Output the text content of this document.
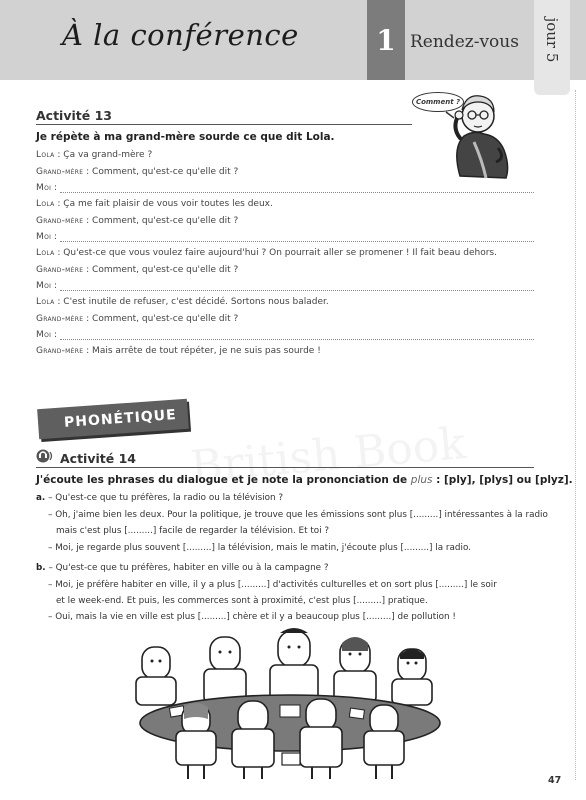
À la conférence	1 Rendez-vous jour 5
Activité 13
Comment ?
Je répète à ma grand-mère sourde ce que dit Lola.
Lola : Ça va grand-mère ?
Grand-mère : Comment, qu'est-ce qu'elle dit ?
Moi :
Lola : Ça me fait plaisir de vous voir toutes les deux.
Grand-mère : Comment, qu'est-ce qu'elle dit ?
Moi :
Lola : Qu'est-ce que vous voulez faire aujourd'hui ? On pourrait aller se promener ! Il fait beau dehors.
Grand-mère : Comment, qu'est-ce qu'elle dit ?
Moi :
Lola : C'est inutile de refuser, c'est décidé. Sortons nous balader.
Grand-mère : Comment, qu'est-ce qu'elle dit ?
Moi :
Grand-mère : Mais arrête de tout répéter, je ne suis pas sourde !
PHONÉTIQUE
Activité 14
J'écoute les phrases du dialogue et je note la prononciation de plus : [ply], [plys] ou [plyz].
a. – Qu'est-ce que tu préfères, la radio ou la télévision ?
– Oh, j'aime bien les deux. Pour la politique, je trouve que les émissions sont plus [.........] intéressantes à la radio
mais c'est plus [.........] facile de regarder la télévision. Et toi ?
– Moi, je regarde plus souvent [.........] la télévision, mais le matin, j'écoute plus [.........] la radio.
b. – Qu'est-ce que tu préfères, habiter en ville ou à la campagne ?
– Moi, je préfère habiter en ville, il y a plus [.........] d'activités culturelles et on sort plus [.........] le soir
et le week-end. Et puis, les commerces sont à proximité, c'est plus [.........] pratique.
– Oui, mais la vie en ville est plus [.........] chère et il y a beaucoup plus [.........] de pollution !
47
